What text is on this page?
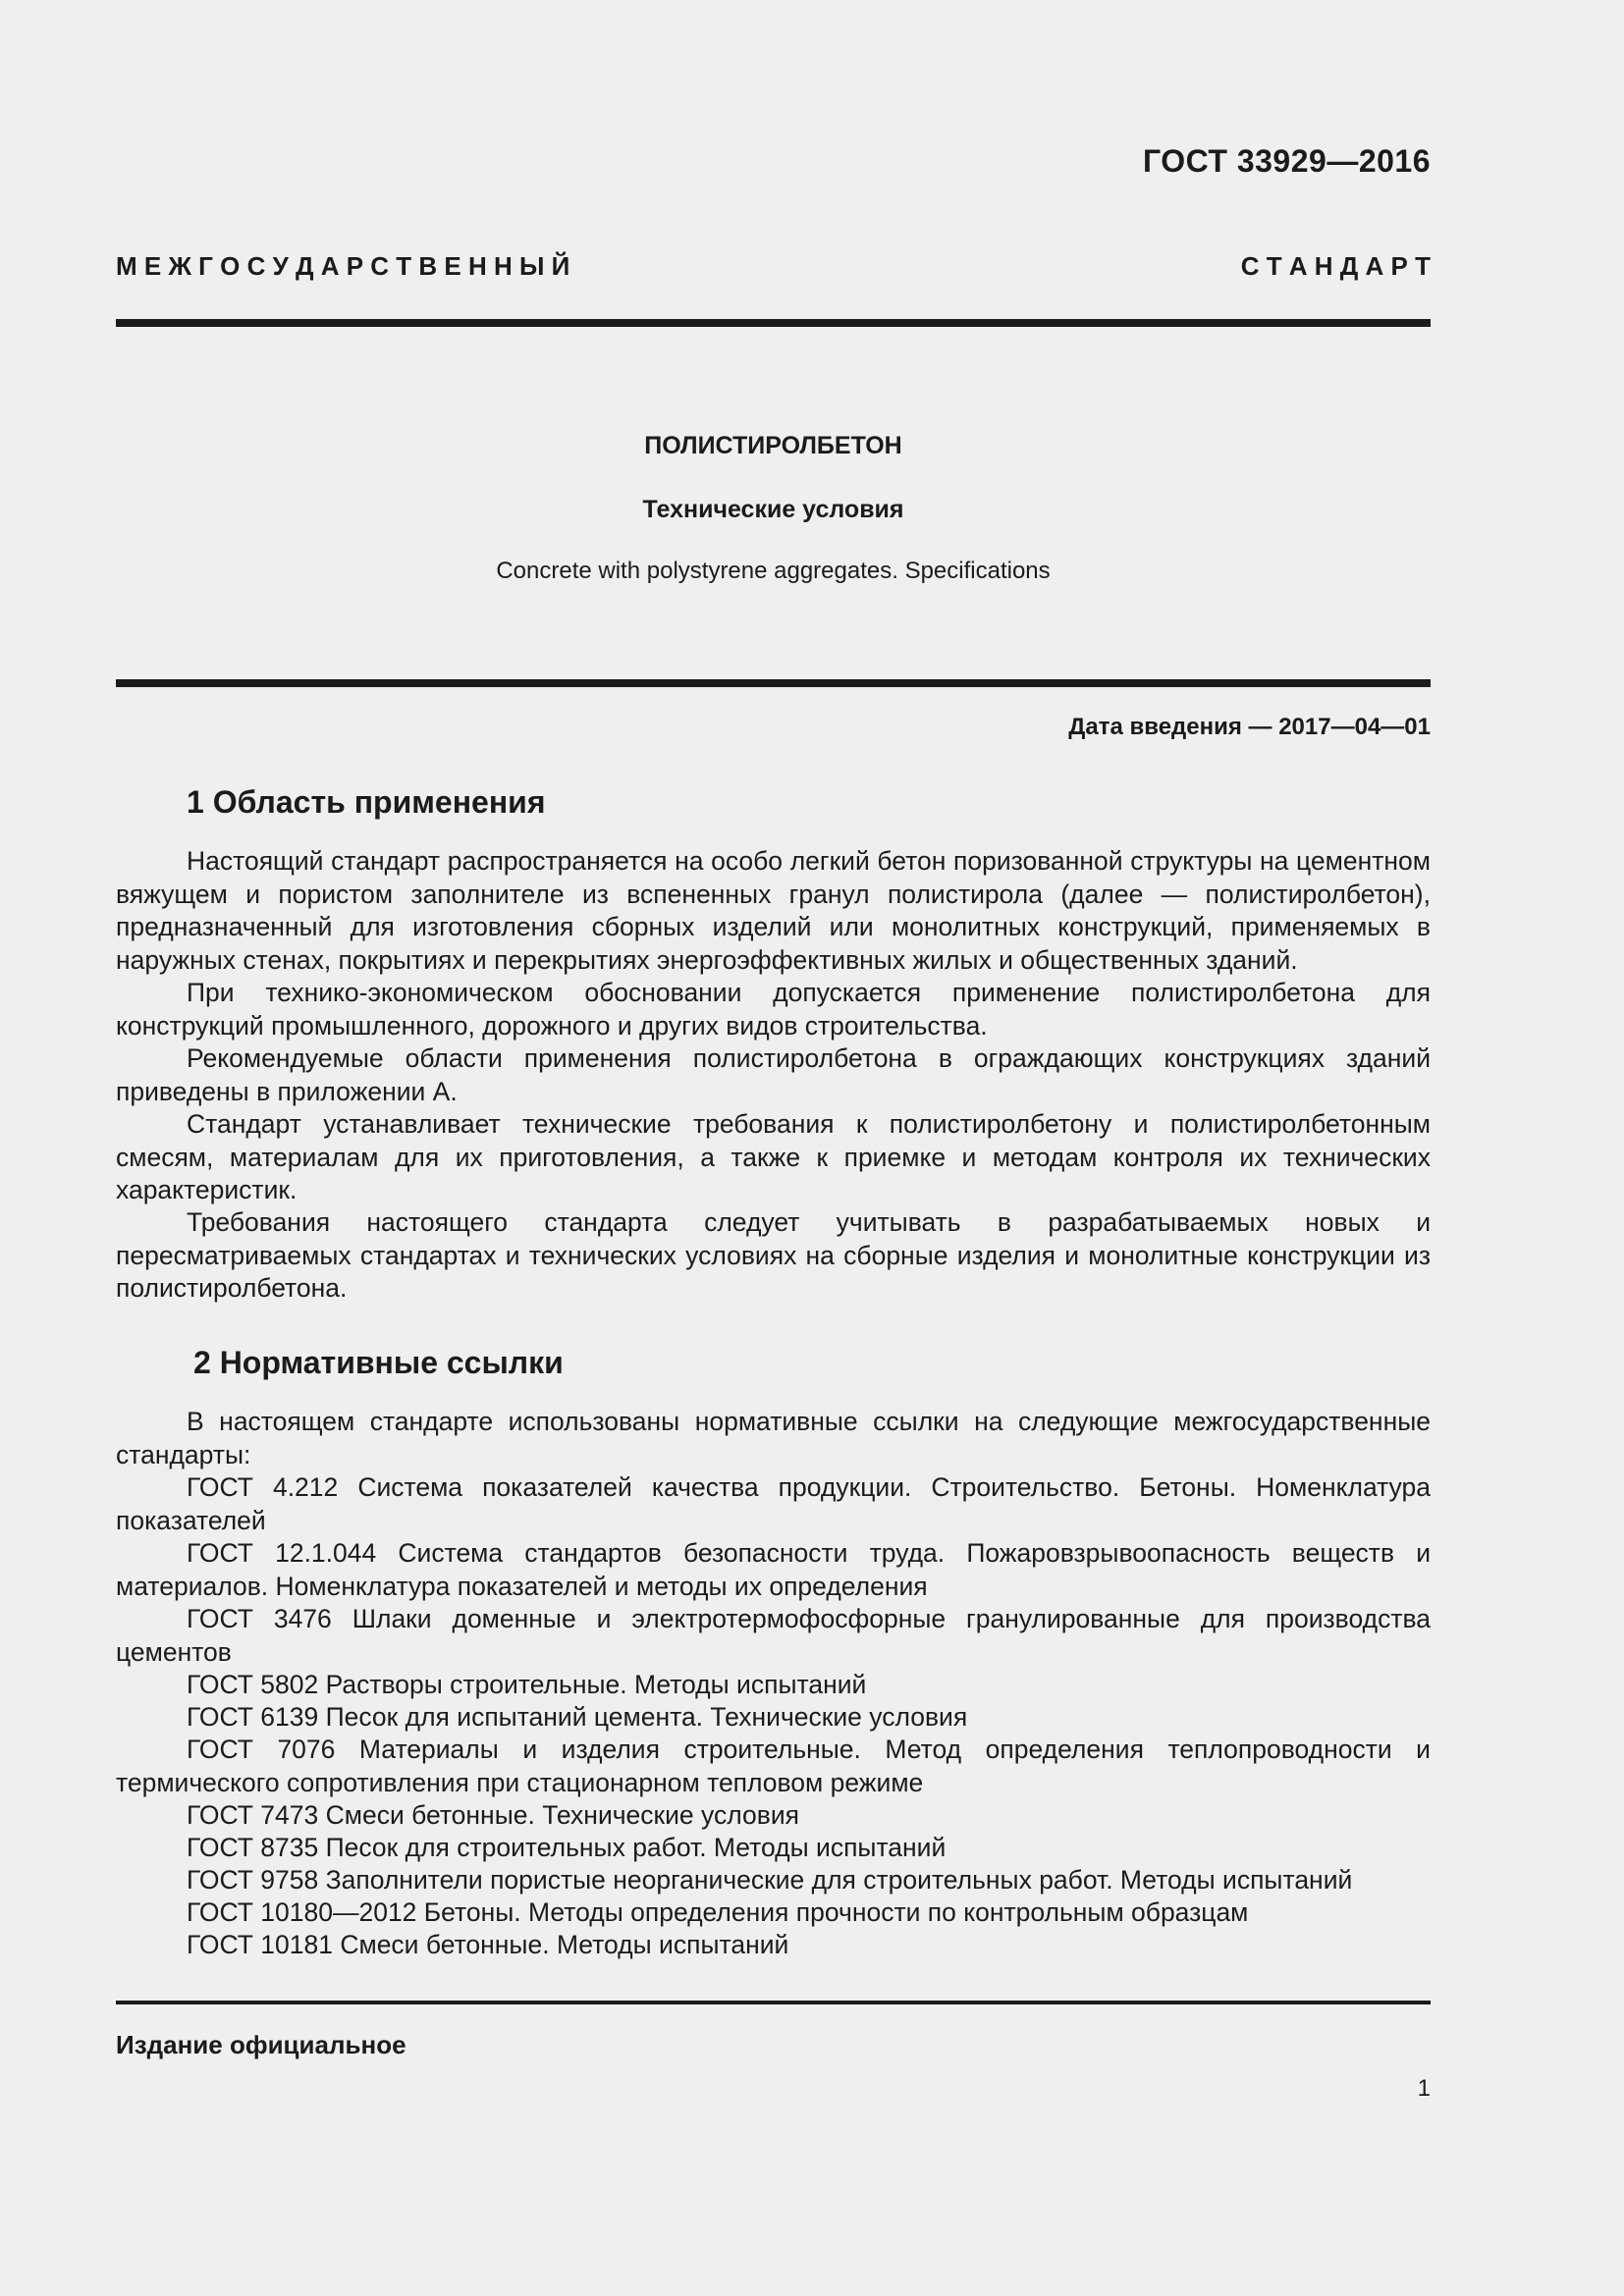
ГОСТ 33929—2016
М Е Ж Г О С У Д А Р С Т В Е Н Н Ы Й	С Т А Н Д А Р Т
ПОЛИСТИРОЛБЕТОН
Технические условия
Concrete with polystyrene aggregates. Specifications
Дата введения — 2017—04—01
1 Область применения

Настоящий стандарт распространяется на особо легкий бетон поризованной структуры на цементном вяжущем и пористом заполнителе из вспененных гранул полистирола (далее — полистиролбетон), предназначенный для изготовления сборных изделий или монолитных конструкций, применяемых в наружных стенах, покрытиях и перекрытиях энергоэффективных жилых и общественных зданий.

При технико-экономическом обосновании допускается применение полистиролбетона для конструкций промышленного, дорожного и других видов строительства.

Рекомендуемые области применения полистиролбетона в ограждающих конструкциях зданий приведены в приложении А.

Стандарт устанавливает технические требования к полистиролбетону и полистиролбетонным смесям, материалам для их приготовления, а также к приемке и методам контроля их технических характеристик.

Требования настоящего стандарта следует учитывать в разрабатываемых новых и пересматриваемых стандартах и технических условиях на сборные изделия и монолитные конструкции из полистиролбетона.

2 Нормативные ссылки

В настоящем стандарте использованы нормативные ссылки на следующие межгосударственные стандарты:

ГОСТ 4.212 Система показателей качества продукции. Строительство. Бетоны. Номенклатура показателей

ГОСТ 12.1.044 Система стандартов безопасности труда. Пожаровзрывоопасность веществ и материалов. Номенклатура показателей и методы их определения

ГОСТ 3476 Шлаки доменные и электротермофосфорные гранулированные для производства цементов

ГОСТ 5802 Растворы строительные. Методы испытаний

ГОСТ 6139 Песок для испытаний цемента. Технические условия

ГОСТ 7076 Материалы и изделия строительные. Метод определения теплопроводности и термического сопротивления при стационарном тепловом режиме

ГОСТ 7473 Смеси бетонные. Технические условия

ГОСТ 8735 Песок для строительных работ. Методы испытаний

ГОСТ 9758 Заполнители пористые неорганические для строительных работ. Методы испытаний

ГОСТ 10180—2012 Бетоны. Методы определения прочности по контрольным образцам

ГОСТ 10181 Смеси бетонные. Методы испытаний

Издание официальное
1
